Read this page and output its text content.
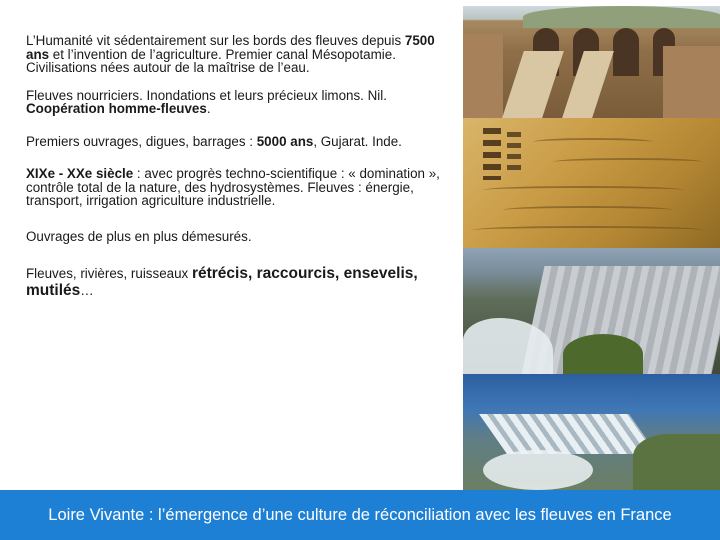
L’Humanité vit sédentairement sur les bords des fleuves depuis 7500 ans et l’invention de l’agriculture. Premier canal Mésopotamie. Civilisations nées autour de la maîtrise de l’eau.

Fleuves nourriciers. Inondations et leurs précieux limons. Nil. Coopération homme-fleuves.

Premiers ouvrages, digues, barrages : 5000 ans, Gujarat. Inde.

XIXe - XXe siècle : avec progrès techno-scientifique : « domination », contrôle total de la nature, des hydrosystèmes. Fleuves : énergie, transport, irrigation agriculture industrielle.

Ouvrages de plus en plus démesurés.

Fleuves, rivières, ruisseaux rétrécis, raccourcis, ensevelis, mutilés…

Loire Vivante : l’émergence d’une culture de réconciliation avec les fleuves en France
